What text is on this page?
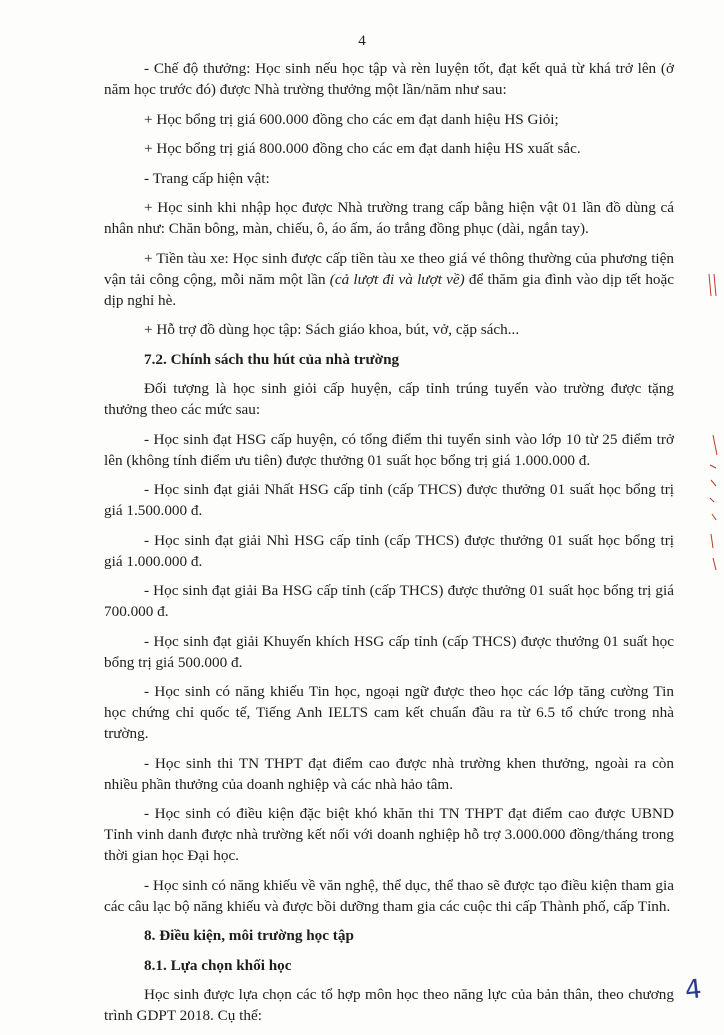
4

- Chế độ thưởng: Học sinh nếu học tập và rèn luyện tốt, đạt kết quả từ khá trở lên (ở năm học trước đó) được Nhà trường thưởng một lần/năm như sau:

+ Học bổng trị giá 600.000 đồng cho các em đạt danh hiệu HS Giỏi;

+ Học bổng trị giá 800.000 đồng cho các em đạt danh hiệu HS xuất sắc.

- Trang cấp hiện vật:

+ Học sinh khi nhập học được Nhà trường trang cấp bằng hiện vật 01 lần đồ dùng cá nhân như: Chăn bông, màn, chiếu, ô, áo ấm, áo trắng đồng phục (dài, ngắn tay).

+ Tiền tàu xe: Học sinh được cấp tiền tàu xe theo giá vé thông thường của phương tiện vận tải công cộng, mỗi năm một lần (cả lượt đi và lượt về) để thăm gia đình vào dịp tết hoặc dịp nghỉ hè.

+ Hỗ trợ đồ dùng học tập: Sách giáo khoa, bút, vở, cặp sách...

7.2. Chính sách thu hút của nhà trường

Đối tượng là học sinh giỏi cấp huyện, cấp tỉnh trúng tuyển vào trường được tặng thưởng theo các mức sau:

- Học sinh đạt HSG cấp huyện, có tổng điểm thi tuyển sinh vào lớp 10 từ 25 điểm trở lên (không tính điểm ưu tiên) được thưởng 01 suất học bổng trị giá 1.000.000 đ.

- Học sinh đạt giải Nhất HSG cấp tỉnh (cấp THCS) được thưởng 01 suất học bổng trị giá 1.500.000 đ.

- Học sinh đạt giải Nhì HSG cấp tỉnh (cấp THCS) được thưởng 01 suất học bổng trị giá 1.000.000 đ.

- Học sinh đạt giải Ba HSG cấp tỉnh (cấp THCS) được thưởng 01 suất học bổng trị giá 700.000 đ.

- Học sinh đạt giải Khuyến khích HSG cấp tỉnh (cấp THCS) được thưởng 01 suất học bổng trị giá 500.000 đ.

- Học sinh có năng khiếu Tin học, ngoại ngữ được theo học các lớp tăng cường Tin học chứng chỉ quốc tế, Tiếng Anh IELTS cam kết chuẩn đầu ra từ 6.5 tổ chức trong nhà trường.

- Học sinh thi TN THPT đạt điểm cao được nhà trường khen thưởng, ngoài ra còn nhiều phần thưởng của doanh nghiệp và các nhà hảo tâm.

- Học sinh có điều kiện đặc biệt khó khăn thi TN THPT đạt điểm cao được UBND Tỉnh vinh danh được nhà trường kết nối với doanh nghiệp hỗ trợ 3.000.000 đồng/tháng trong thời gian học Đại học.

- Học sinh có năng khiếu về văn nghệ, thể dục, thể thao sẽ được tạo điều kiện tham gia các câu lạc bộ năng khiếu và được bồi dưỡng tham gia các cuộc thi cấp Thành phố, cấp Tỉnh.

8. Điều kiện, môi trường học tập
8.1. Lựa chọn khối học

Học sinh được lựa chọn các tổ hợp môn học theo năng lực của bản thân, theo chương trình GDPT 2018. Cụ thể:

4
